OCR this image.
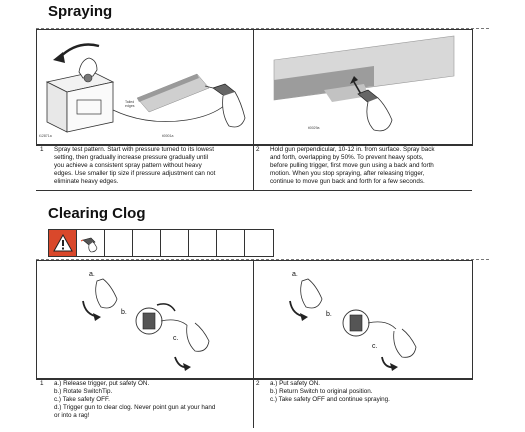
Spraying
t12871a
Tailed
edges
ti0001a
ti0029a
1	Spray test pattern. Start with pressure turned to its lowest
setting, then gradually increase pressure gradually until
you achieve a consistent spray pattern without heavy
edges. Use smaller tip size if pressure adjustment can not
eliminate heavy edges.
2	Hold gun perpendicular, 10-12 in. from surface. Spray back
and forth, overlapping by 50%. To prevent heavy spots,
before pulling trigger, first move gun using a back and forth
motion. When you stop spraying, after releasing trigger,
continue to move gun back and forth for a few seconds.
Clearing Clog
a.
b.
c.
a.
b.
c.
1	a.) Release trigger, put safety ON.
b.) Rotate SwitchTip.
c.) Take safety OFF.
d.) Trigger gun to clear clog. Never point gun at your hand
or into a rag!
2	a.) Put safety ON.
b.) Return Switch to original position.
c.) Take safety OFF and continue spraying.
